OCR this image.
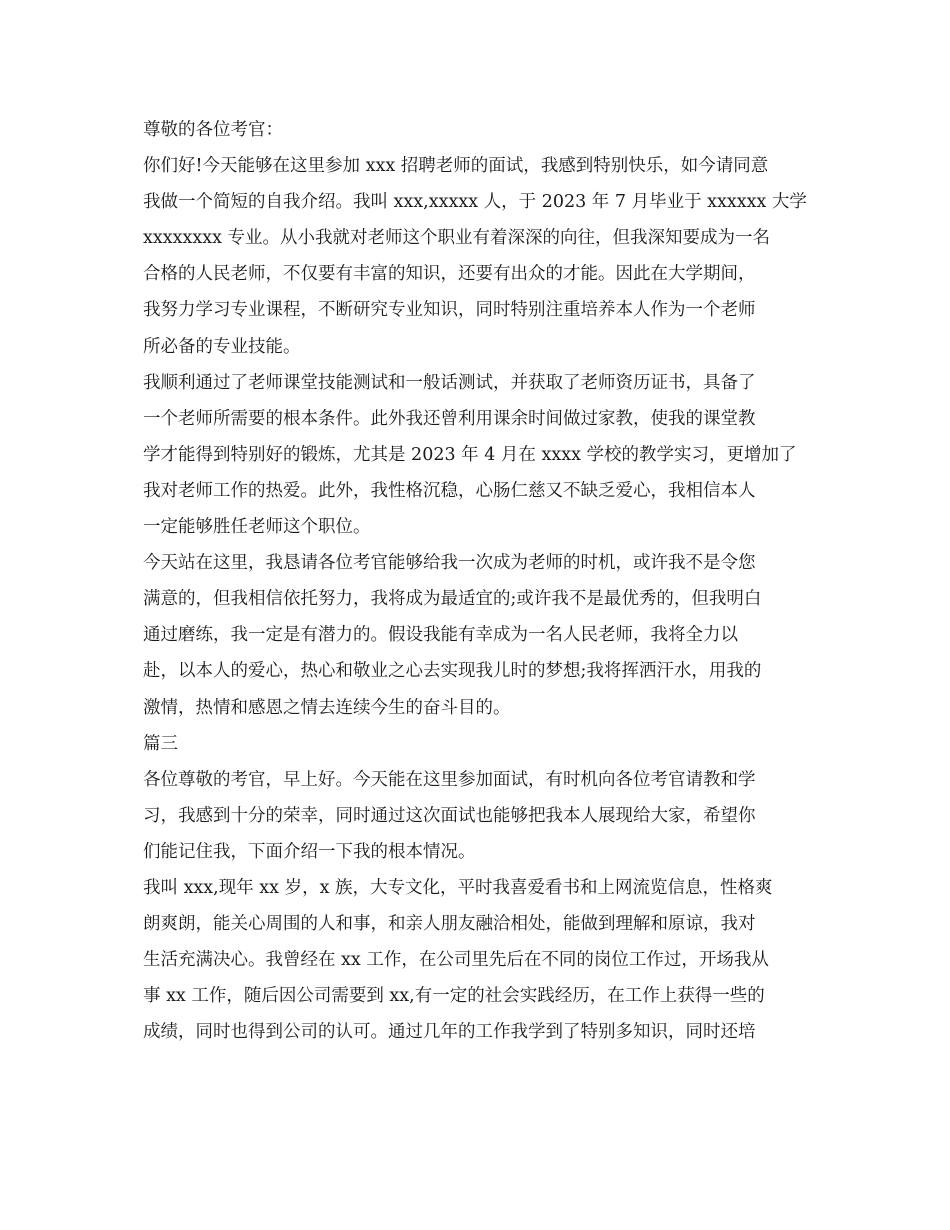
尊敬的各位考官：
你们好!今天能够在这里参加 xxx 招聘老师的面试，我感到特别快乐，如今请同意
我做一个简短的自我介绍。我叫 xxx,xxxxx 人，于 2023 年 7 月毕业于 xxxxxx 大学
xxxxxxxx 专业。从小我就对老师这个职业有着深深的向往，但我深知要成为一名
合格的人民老师，不仅要有丰富的知识，还要有出众的才能。因此在大学期间，
我努力学习专业课程，不断研究专业知识，同时特别注重培养本人作为一个老师
所必备的专业技能。
我顺利通过了老师课堂技能测试和一般话测试，并获取了老师资历证书，具备了
一个老师所需要的根本条件。此外我还曾利用课余时间做过家教，使我的课堂教
学才能得到特别好的锻炼，尤其是 2023 年 4 月在 xxxx 学校的教学实习，更增加了
我对老师工作的热爱。此外，我性格沉稳，心肠仁慈又不缺乏爱心，我相信本人
一定能够胜任老师这个职位。
今天站在这里，我恳请各位考官能够给我一次成为老师的时机，或许我不是令您
满意的，但我相信依托努力，我将成为最适宜的;或许我不是最优秀的，但我明白
通过磨练，我一定是有潜力的。假设我能有幸成为一名人民老师，我将全力以
赴，以本人的爱心，热心和敬业之心去实现我儿时的梦想;我将挥洒汗水，用我的
激情，热情和感恩之情去连续今生的奋斗目的。
篇三
各位尊敬的考官，早上好。今天能在这里参加面试，有时机向各位考官请教和学
习，我感到十分的荣幸，同时通过这次面试也能够把我本人展现给大家，希望你
们能记住我，下面介绍一下我的根本情况。
我叫 xxx,现年 xx 岁，x 族，大专文化，平时我喜爱看书和上网流览信息，性格爽
朗爽朗，能关心周围的人和事，和亲人朋友融洽相处，能做到理解和原谅，我对
生活充满决心。我曾经在 xx 工作，在公司里先后在不同的岗位工作过，开场我从
事 xx 工作，随后因公司需要到 xx,有一定的社会实践经历，在工作上获得一些的
成绩，同时也得到公司的认可。通过几年的工作我学到了特别多知识，同时还培
